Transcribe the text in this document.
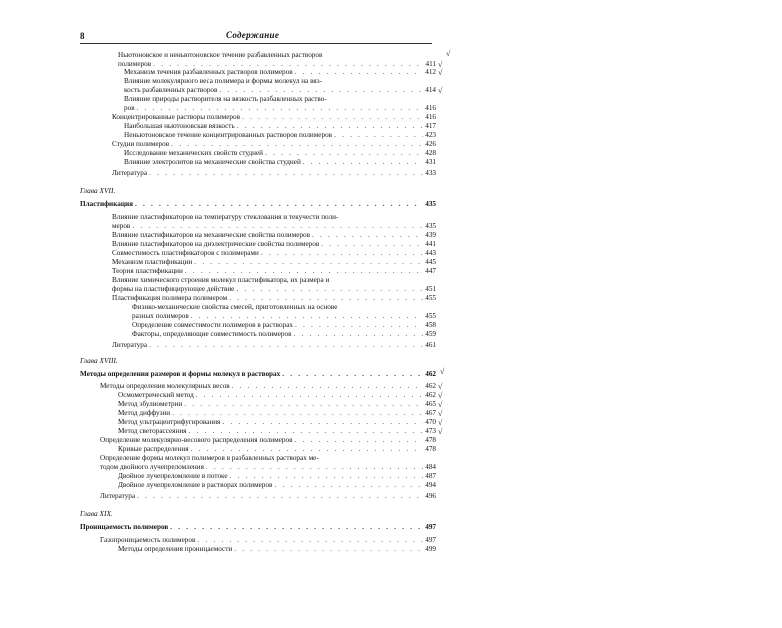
8	Содержание
Ньютоновское и неньютоновское течение разбавленных растворов
полимеров . . .	411
Механизм течения разбавленных растворов полимеров . . .	412
Влияние молекулярного веса полимера и формы молекул на вяз-
кость разбавленных растворов . . .	414
Влияние природы растворителя на вязкость разбавленных раство-
ров . . .	416
Концентрированные растворы полимеров . . .	416
Наибольшая ньютоновская вязкость . . .	417
Неньютоновское течение концентрированных растворов полимеров . . .	423
Студни полимеров . . .	426
Исследование механических свойств студней . . .	428
Влияние электролитов на механические свойства студней . . .	431
Литература . . .	433
Глава XVII.
Пластификация . . .	435
Влияние пластификаторов на температуру стеклования и текучести поли-
меров . . .	435
Влияние пластификаторов на механические свойства полимеров . . .	439
Влияние пластификаторов на диэлектрические свойства полимеров . . .	441
Совместимость пластификаторов с полимерами . . .	443
Механизм пластификации . . .	445
Теория пластификации . . .	447
Влияние химического строения молекул пластификатора, их размера и
формы на пластифицирующее действие . . .	451
Пластификация полимера полимером . . .	455
Физико-механические свойства смесей, приготовленных на основе
разных полимеров . . .	455
Определение совместимости полимеров в растворах . . .	458
Факторы, определяющие совместимость полимеров . . .	459
Литература . . .	461
Глава XVIII.
Методы определения размеров и формы молекул в растворах . . .	462
Методы определения молекулярных весов . . .	462
Осмометрический метод . . .	462
Метод эбулиометрии . . .	465
Метод диффузии . . .	467
Метод ультрацентрифугирования . . .	470
Метод светорассеяния . . .	473
Определение молекулярно-весового распределения полимеров . . .	478
Кривые распределения . . .	478
Определение формы молекул полимеров в разбавленных растворах ме-
тодом двойного лучепреломления . . .	484
Двойное лучепреломление в потоке . . .	487
Двойное лучепреломление в растворах полимеров . . .	494
Литература . . .	496
Глава XIX.
Проницаемость полимеров . . .	497
Газопроницаемость полимеров . . .	497
Методы определения проницаемости . . .	499
√
√
√
√
√
√
√
√
√
√
√
